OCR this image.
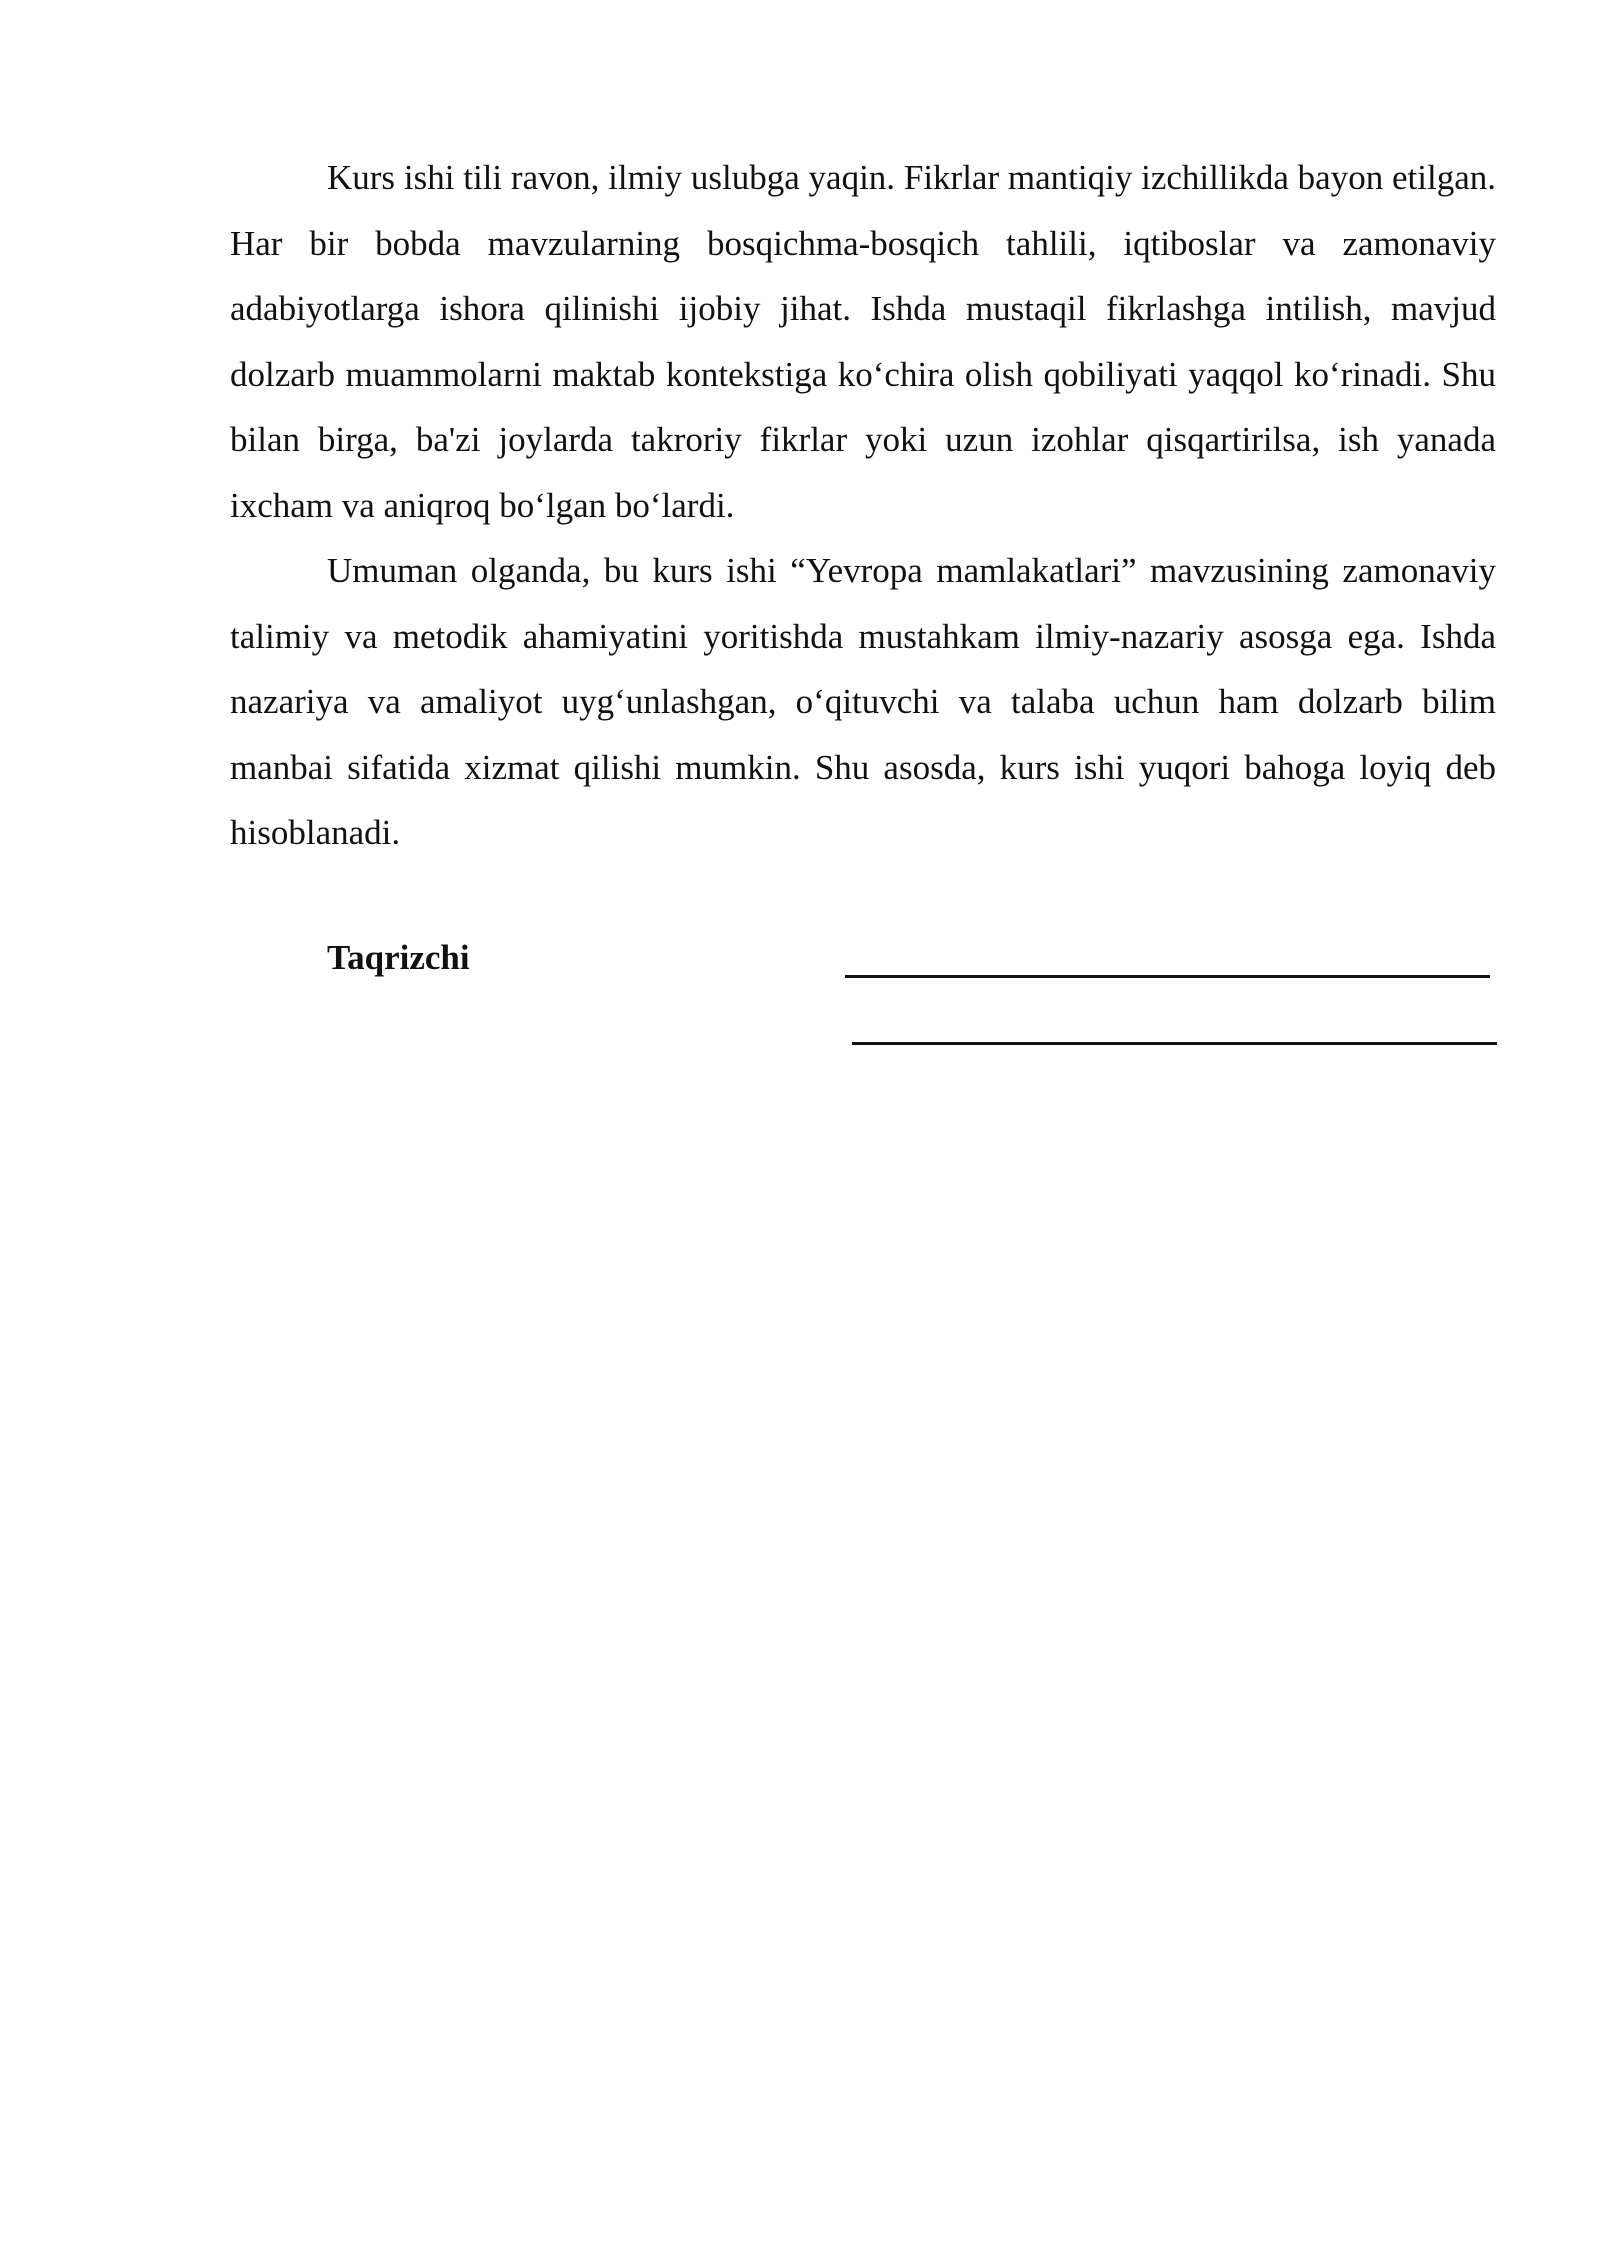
Kurs ishi tili ravon, ilmiy uslubga yaqin. Fikrlar mantiqiy izchillikda bayon etilgan. Har bir bobda mavzularning bosqichma-bosqich tahlili, iqtiboslar va zamonaviy adabiyotlarga ishora qilinishi ijobiy jihat. Ishda mustaqil fikrlashga intilish, mavjud dolzarb muammolarni maktab kontekstiga ko‘chira olish qobiliyati yaqqol ko‘rinadi. Shu bilan birga, ba'zi joylarda takroriy fikrlar yoki uzun izohlar qisqartirilsa, ish yanada ixcham va aniqroq bo‘lgan bo‘lardi.

Umuman olganda, bu kurs ishi “Yevropa mamlakatlari” mavzusining zamonaviy talimiy va metodik ahamiyatini yoritishda mustahkam ilmiy-nazariy asosga ega. Ishda nazariya va amaliyot uyg‘unlashgan, o‘qituvchi va talaba uchun ham dolzarb bilim manbai sifatida xizmat qilishi mumkin. Shu asosda, kurs ishi yuqori bahoga loyiq deb hisoblanadi.

Taqrizchi
